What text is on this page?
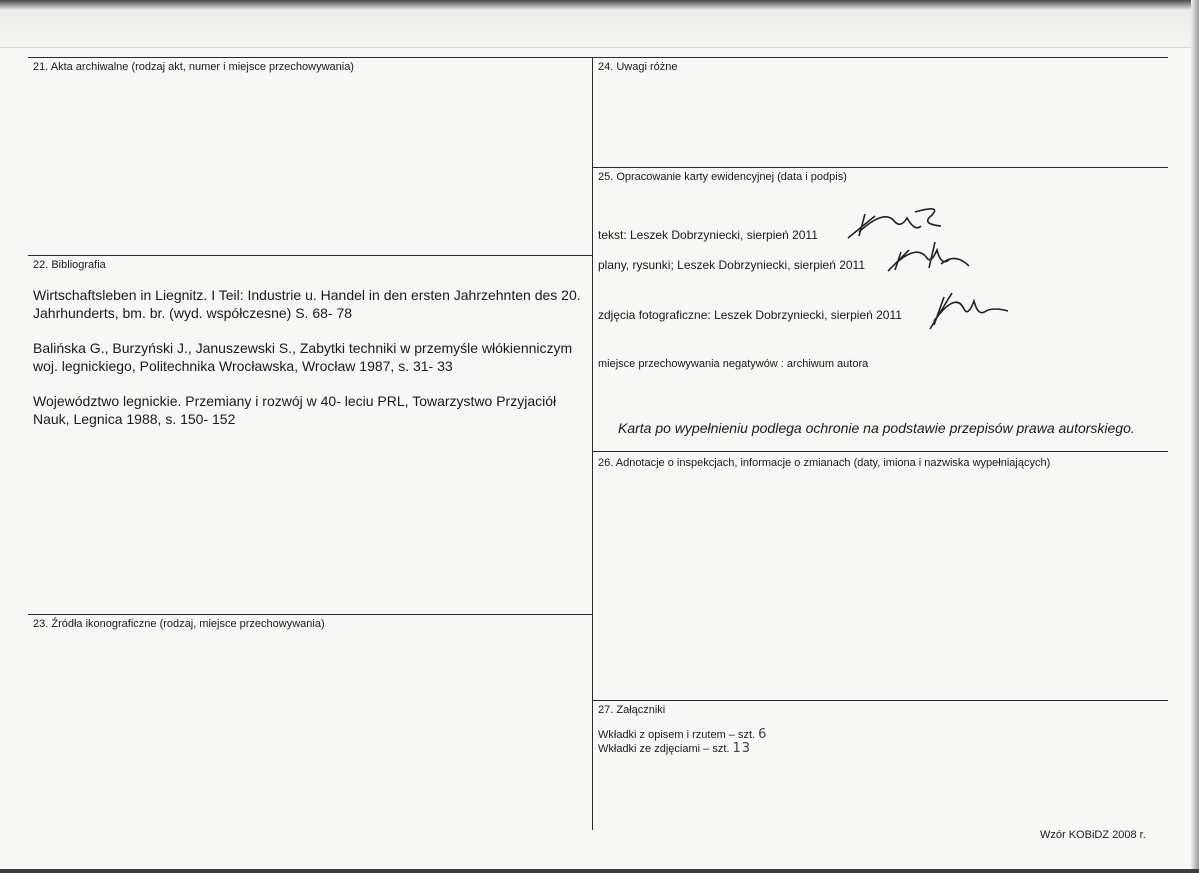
21. Akta archiwalne (rodzaj akt, numer i miejsce przechowywania)
22. Bibliografia

Wirtschaftsleben in Liegnitz. I Teil: Industrie u. Handel in den ersten Jahrzehnten des 20. Jahrhunderts, bm. br. (wyd. współczesne) S. 68- 78

Balińska G., Burzyński J., Januszewski S., Zabytki techniki w przemyśle włókienniczym woj. legnickiego, Politechnika Wrocławska, Wrocław 1987, s. 31- 33

Województwo legnickie. Przemiany i rozwój w 40- leciu PRL, Towarzystwo Przyjaciół Nauk, Legnica 1988, s. 150- 152

23. Źródła ikonograficzne (rodzaj, miejsce przechowywania)
24. Uwagi różne
25. Opracowanie karty ewidencyjnej (data i podpis)
tekst: Leszek Dobrzyniecki, sierpień 2011
plany, rysunki; Leszek Dobrzyniecki, sierpień 2011
zdjęcia fotograficzne: Leszek Dobrzyniecki, sierpień 2011
miejsce przechowywania negatywów : archiwum autora
Karta po wypełnieniu podlega ochronie na podstawie przepisów prawa autorskiego.
26. Adnotacje o inspekcjach, informacje o zmianach (daty, imiona i nazwiska wypełniających)
27. Załączniki
Wkładki z opisem i rzutem – szt. 6
Wkładki ze zdjęciami – szt. 13
Wzór KOBiDZ 2008 r.
